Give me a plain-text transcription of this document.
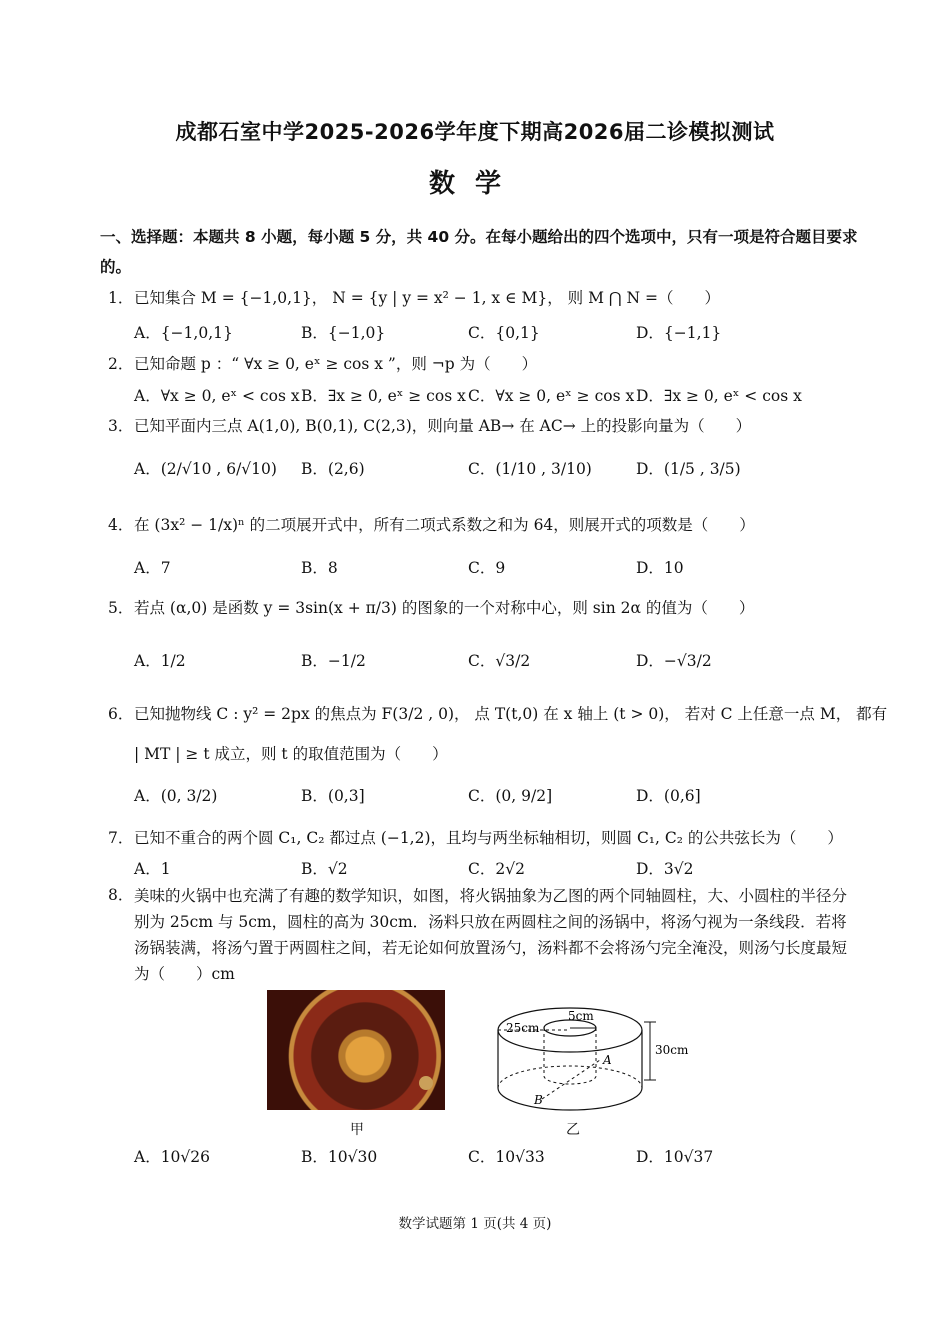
成都石室中学2025-2026学年度下期高2026届二诊模拟测试
数学
一、选择题：本题共 8 小题，每小题 5 分，共 40 分。在每小题给出的四个选项中，只有一项是符合题目要求的。
1．已知集合 M = {−1,0,1}， N = {y | y = x² − 1, x ∈ M}， 则 M ⋂ N =（　　）
A．{−1,0,1}	B．{−1,0}	C．{0,1}	D．{−1,1}
2．已知命题 p ：“ ∀x ≥ 0, eˣ ≥ cos x ”，则 ¬p 为（　　）
A．∀x ≥ 0, eˣ < cos x B．∃x ≥ 0, eˣ ≥ cos x C．∀x ≥ 0, eˣ ≥ cos x D．∃x ≥ 0, eˣ < cos x
3．已知平面内三点 A(1,0), B(0,1), C(2,3)，则向量 AB→ 在 AC→ 上的投影向量为（　　）
A．(2/√10 , 6/√10) B．(2,6)	C．(1/10 , 3/10)	D．(1/5 , 3/5)
4．在 (3x² − 1/x)ⁿ 的二项展开式中，所有二项式系数之和为 64，则展开式的项数是（　　）
A．7	B．8	C．9	D．10
5．若点 (α,0) 是函数 y = 3sin(x + π/3) 的图象的一个对称中心，则 sin 2α 的值为（　　）
A．1/2	B．−1/2	C．√3/2	D．−√3/2
6．已知抛物线 C : y² = 2px 的焦点为 F(3/2 , 0)， 点 T(t,0) 在 x 轴上 (t > 0)， 若对 C 上任意一点 M， 都有
| MT | ≥ t 成立，则 t 的取值范围为（　　）
A．(0, 3/2)	B．(0,3]	C．(0, 9/2]	D．(0,6]
7．已知不重合的两个圆 C₁, C₂ 都过点 (−1,2)，且均与两坐标轴相切，则圆 C₁, C₂ 的公共弦长为（　　）
A．1	B．√2	C．2√2	D．3√2
8． 美味的火锅中也充满了有趣的数学知识，如图，将火锅抽象为乙图的两个同轴圆柱，大、小圆柱的半径分别为 25cm 与 5cm，圆柱的高为 30cm．汤料只放在两圆柱之间的汤锅中，将汤勺视为一条线段．若将汤锅装满，将汤勺置于两圆柱之间，若无论如何放置汤勺，汤料都不会将汤勺完全淹没，则汤勺长度最短为（　　）cm
甲
5cm
25cm
30cm
A
B
乙
A．10√26	B．10√30	C．10√33	D．10√37
数学试题第 1 页(共 4 页)
